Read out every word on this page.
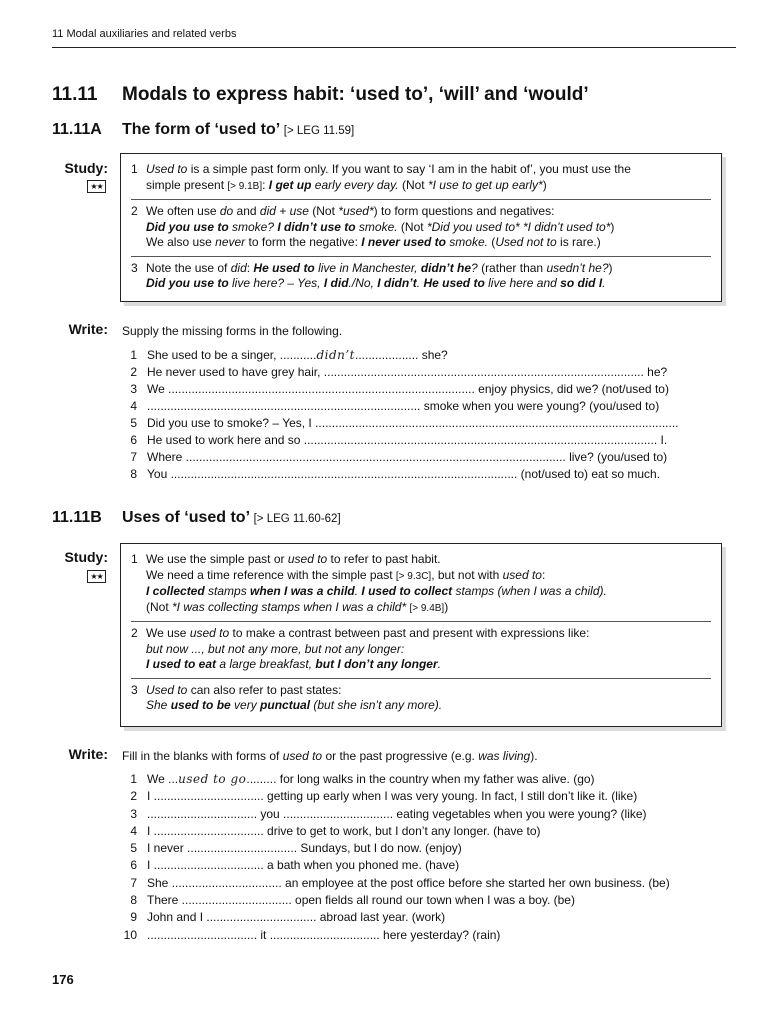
11 Modal auxiliaries and related verbs
11.11 Modals to express habit: ‘used to’, ‘will’ and ‘would’
11.11A The form of ‘used to’ [> LEG 11.59]
Study:
★★
1 Used to is a simple past form only. If you want to say ‘I am in the habit of’, you must use the
simple present [> 9.1B]: I get up early every day. (Not *I use to get up early*)
2 We often use do and did + use (Not *used*) to form questions and negatives:
Did you use to smoke? I didn’t use to smoke. (Not *Did you used to* *I didn’t used to*)
We also use never to form the negative: I never used to smoke. (Used not to is rare.)
3 Note the use of did: He used to live in Manchester, didn’t he? (rather than usedn’t he?)
Did you use to live here? – Yes, I did./No, I didn’t. He used to live here and so did I.
Write: Supply the missing forms in the following.
1 She used to be a singer, ...........didn’t................... she?
2 He never used to have grey hair, ................................................................................................ he?
3 We ............................................................................................ enjoy physics, did we? (not/used to)
4 .................................................................................. smoke when you were young? (you/used to)
5 Did you use to smoke? – Yes, I .............................................................................................................
6 He used to work here and so .......................................................................................................... I.
7 Where .................................................................................................................. live? (you/used to)
8 You ........................................................................................................ (not/used to) eat so much.
11.11B Uses of ‘used to’ [> LEG 11.60-62]
Study:
★★
1 We use the simple past or used to to refer to past habit.
We need a time reference with the simple past [> 9.3C], but not with used to:
I collected stamps when I was a child. I used to collect stamps (when I was a child).
(Not *I was collecting stamps when I was a child* [> 9.4B])
2 We use used to to make a contrast between past and present with expressions like:
but now ..., but not any more, but not any longer:
I used to eat a large breakfast, but I don’t any longer.
3 Used to can also refer to past states:
She used to be very punctual (but she isn’t any more).
Write: Fill in the blanks with forms of used to or the past progressive (e.g. was living).
1 We ...used to go......... for long walks in the country when my father was alive. (go)
2 I ................................. getting up early when I was very young. In fact, I still don’t like it. (like)
3 ................................. you ................................. eating vegetables when you were young? (like)
4 I ................................. drive to get to work, but I don’t any longer. (have to)
5 I never ................................. Sundays, but I do now. (enjoy)
6 I ................................. a bath when you phoned me. (have)
7 She ................................. an employee at the post office before she started her own business. (be)
8 There ................................. open fields all round our town when I was a boy. (be)
9 John and I ................................. abroad last year. (work)
10 ................................. it ................................. here yesterday? (rain)
176
